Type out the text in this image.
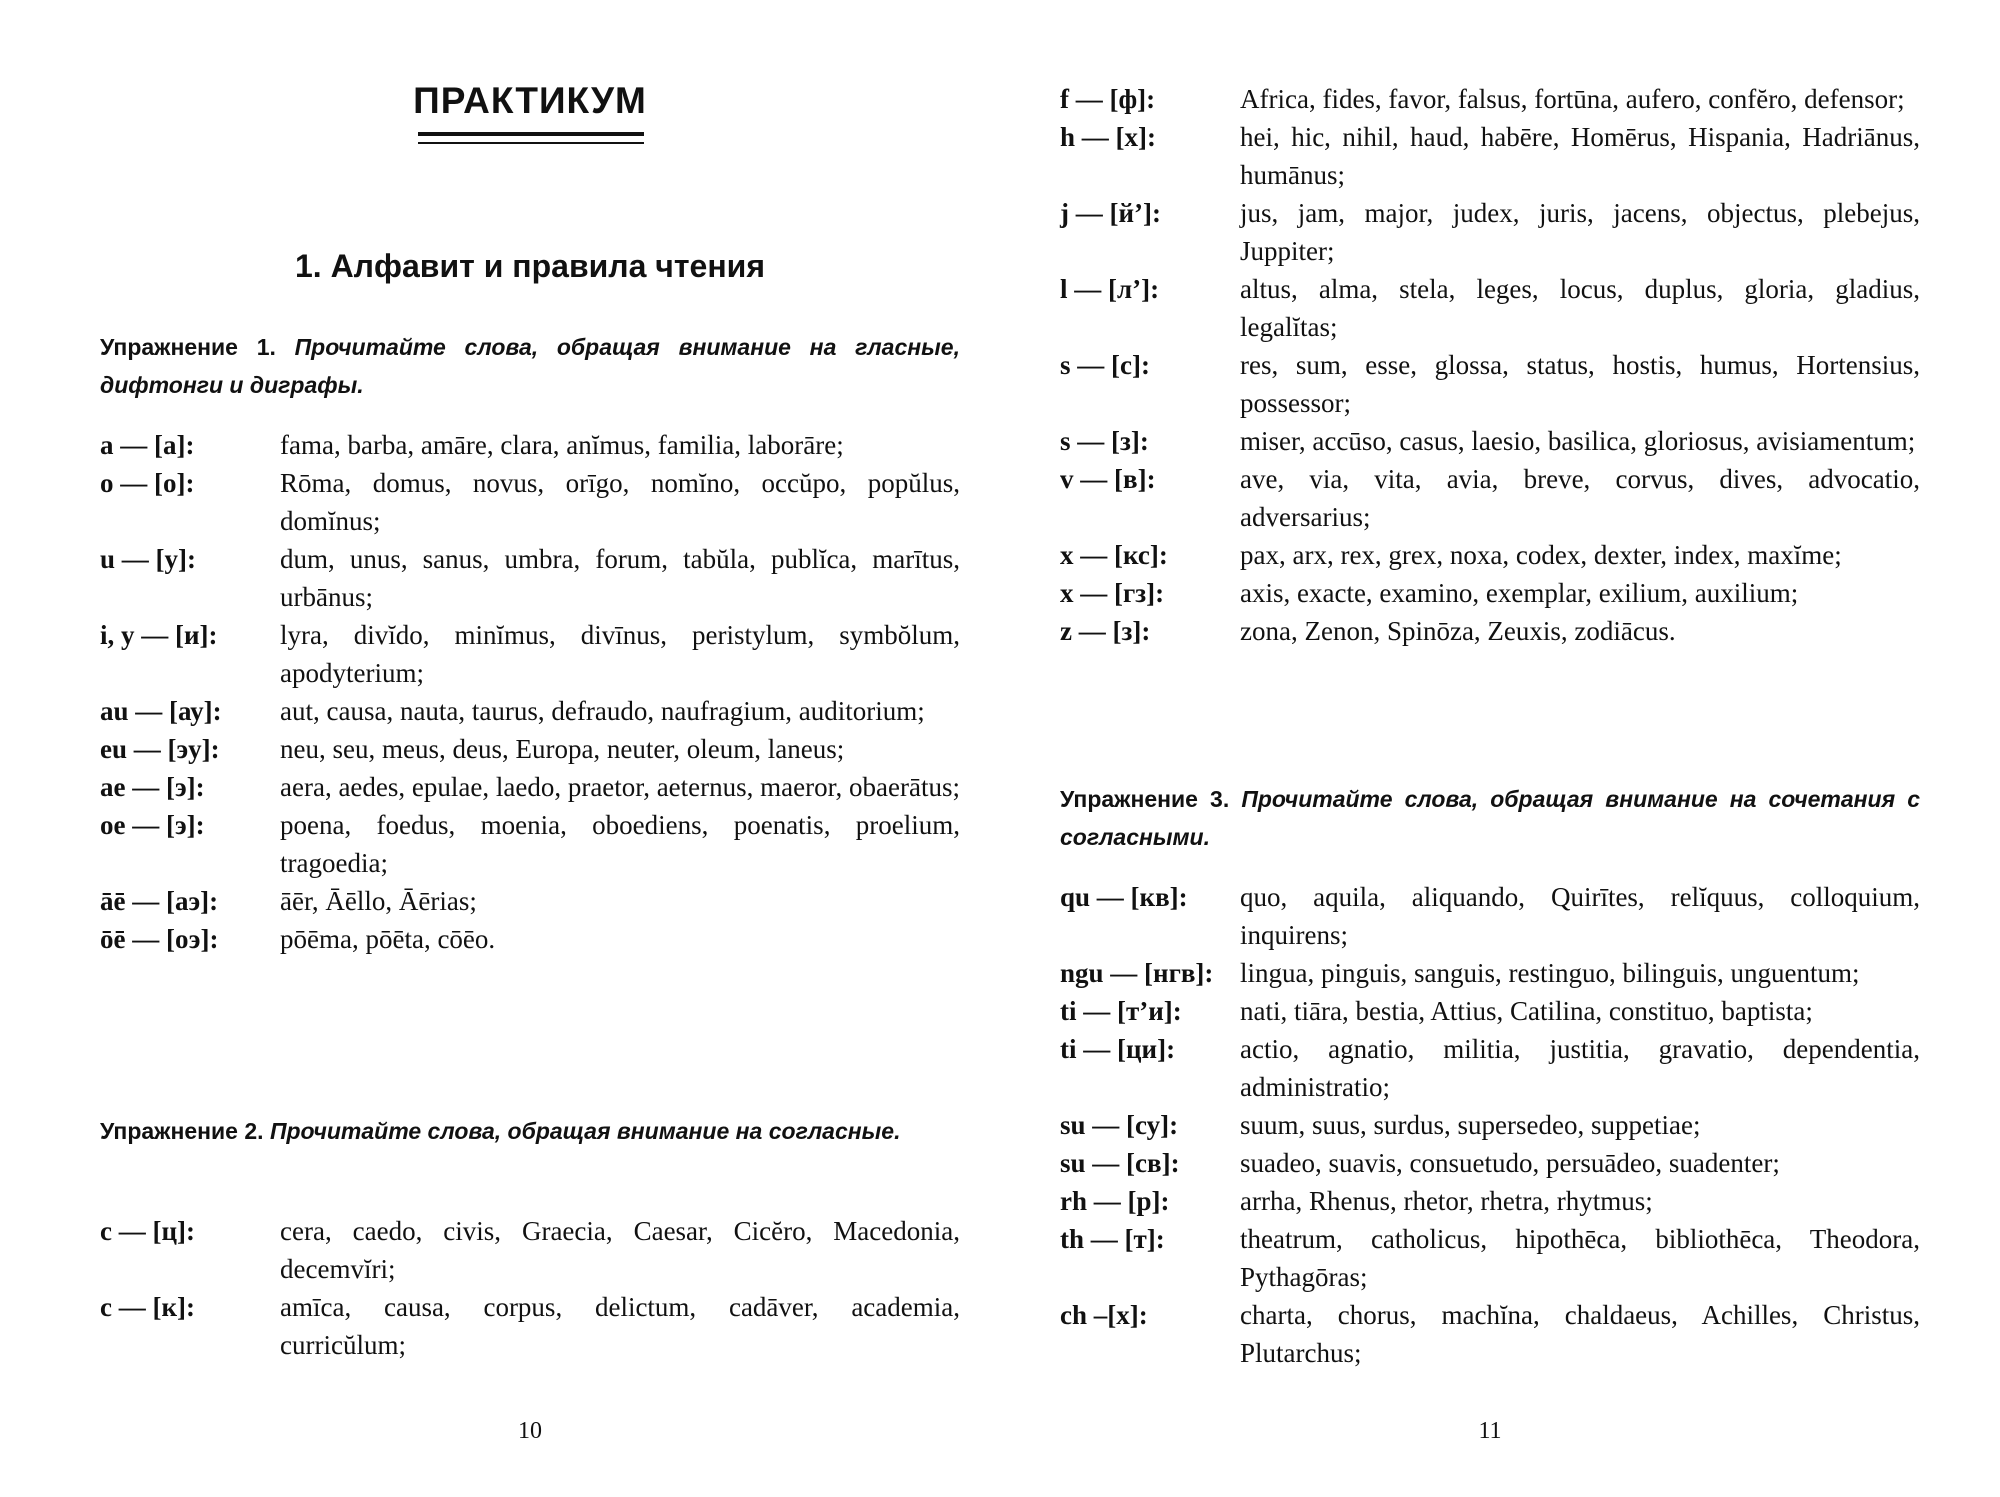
ПРАКТИКУМ
1. Алфавит и правила чтения
Упражнение 1. Прочитайте слова, обращая внимание на гласные, дифтонги и диграфы.
a — [а]:	fama, barba, amāre, clara, anĭmus, familia, laborāre;
o — [о]:	Rōma, domus, novus, orīgo, nomĭno, occŭpo, popŭlus, domĭnus;
u — [у]:	dum, unus, sanus, umbra, forum, tabŭla, publĭca, marītus, urbānus;
i, y — [и]:	lyra, divĭdo, minĭmus, divīnus, peristylum, symbŏlum, apodyterium;
au — [ау]:	aut, causa, nauta, taurus, defraudo, naufragium, auditorium;
eu — [эу]:	neu, seu, meus, deus, Europa, neuter, oleum, laneus;
ae — [э]:	aera, aedes, epulae, laedo, praetor, aeternus, maeror, obaerātus;
oe — [э]:	poena, foedus, moenia, oboediens, poenatis, proelium, tragoedia;
āē — [аэ]:	āēr, Āēllo, Āērias;
ōē — [оэ]:	pōēma, pōēta, cōēo.
Упражнение 2. Прочитайте слова, обращая внимание на согласные.
c — [ц]:	cera, caedo, civis, Graecia, Caesar, Cicĕro, Macedonia, decemvĭri;
c — [к]:	amīca, causa, corpus, delictum, cadāver, academia, curricŭlum;
10
f — [ф]:	Africa, fides, favor, falsus, fortūna, aufero, confĕro, defensor;
h — [х]:	hei, hic, nihil, haud, habēre, Homērus, Hispania, Hadriānus, humānus;
j — [й’]:	jus, jam, major, judex, juris, jacens, objectus, plebejus, Juppiter;
l — [л’]:	altus, alma, stela, leges, locus, duplus, gloria, gladius, legalĭtas;
s — [с]:	res, sum, esse, glossa, status, hostis, humus, Hortensius, possessor;
s — [з]:	miser, accūso, casus, laesio, basilica, gloriosus, avisiamentum;
v — [в]:	ave, via, vita, avia, breve, corvus, dives, advocatio, adversarius;
x — [кс]:	pax, arx, rex, grex, noxa, codex, dexter, index, maxĭme;
x — [гз]:	axis, exacte, examino, exemplar, exilium, auxilium;
z — [з]:	zona, Zenon, Spinōza, Zeuxis, zodiācus.
Упражнение 3. Прочитайте слова, обращая внимание на сочетания с согласными.
qu — [кв]:	quo, aquila, aliquando, Quirītes, relĭquus, colloquium, inquirens;
ngu — [нгв]: lingua, pinguis, sanguis, restinguo, bilinguis, unguentum;
ti — [т’и]:	nati, tiāra, bestia, Attius, Catilina, constituo, baptista;
ti — [ци]:	actio, agnatio, militia, justitia, gravatio, dependentia, administratio;
su — [су]:	suum, suus, surdus, supersedeo, suppetiae;
su — [св]:	suadeo, suavis, consuetudo, persuādeo, suadenter;
rh — [р]:	arrha, Rhenus, rhetor, rhetra, rhytmus;
th — [т]:	theatrum, catholicus, hipothēca, bibliothēca, Theodora, Pythagōras;
ch –[х]:	charta, chorus, machĭna, chaldaeus, Achilles, Christus, Plutarchus;
11
